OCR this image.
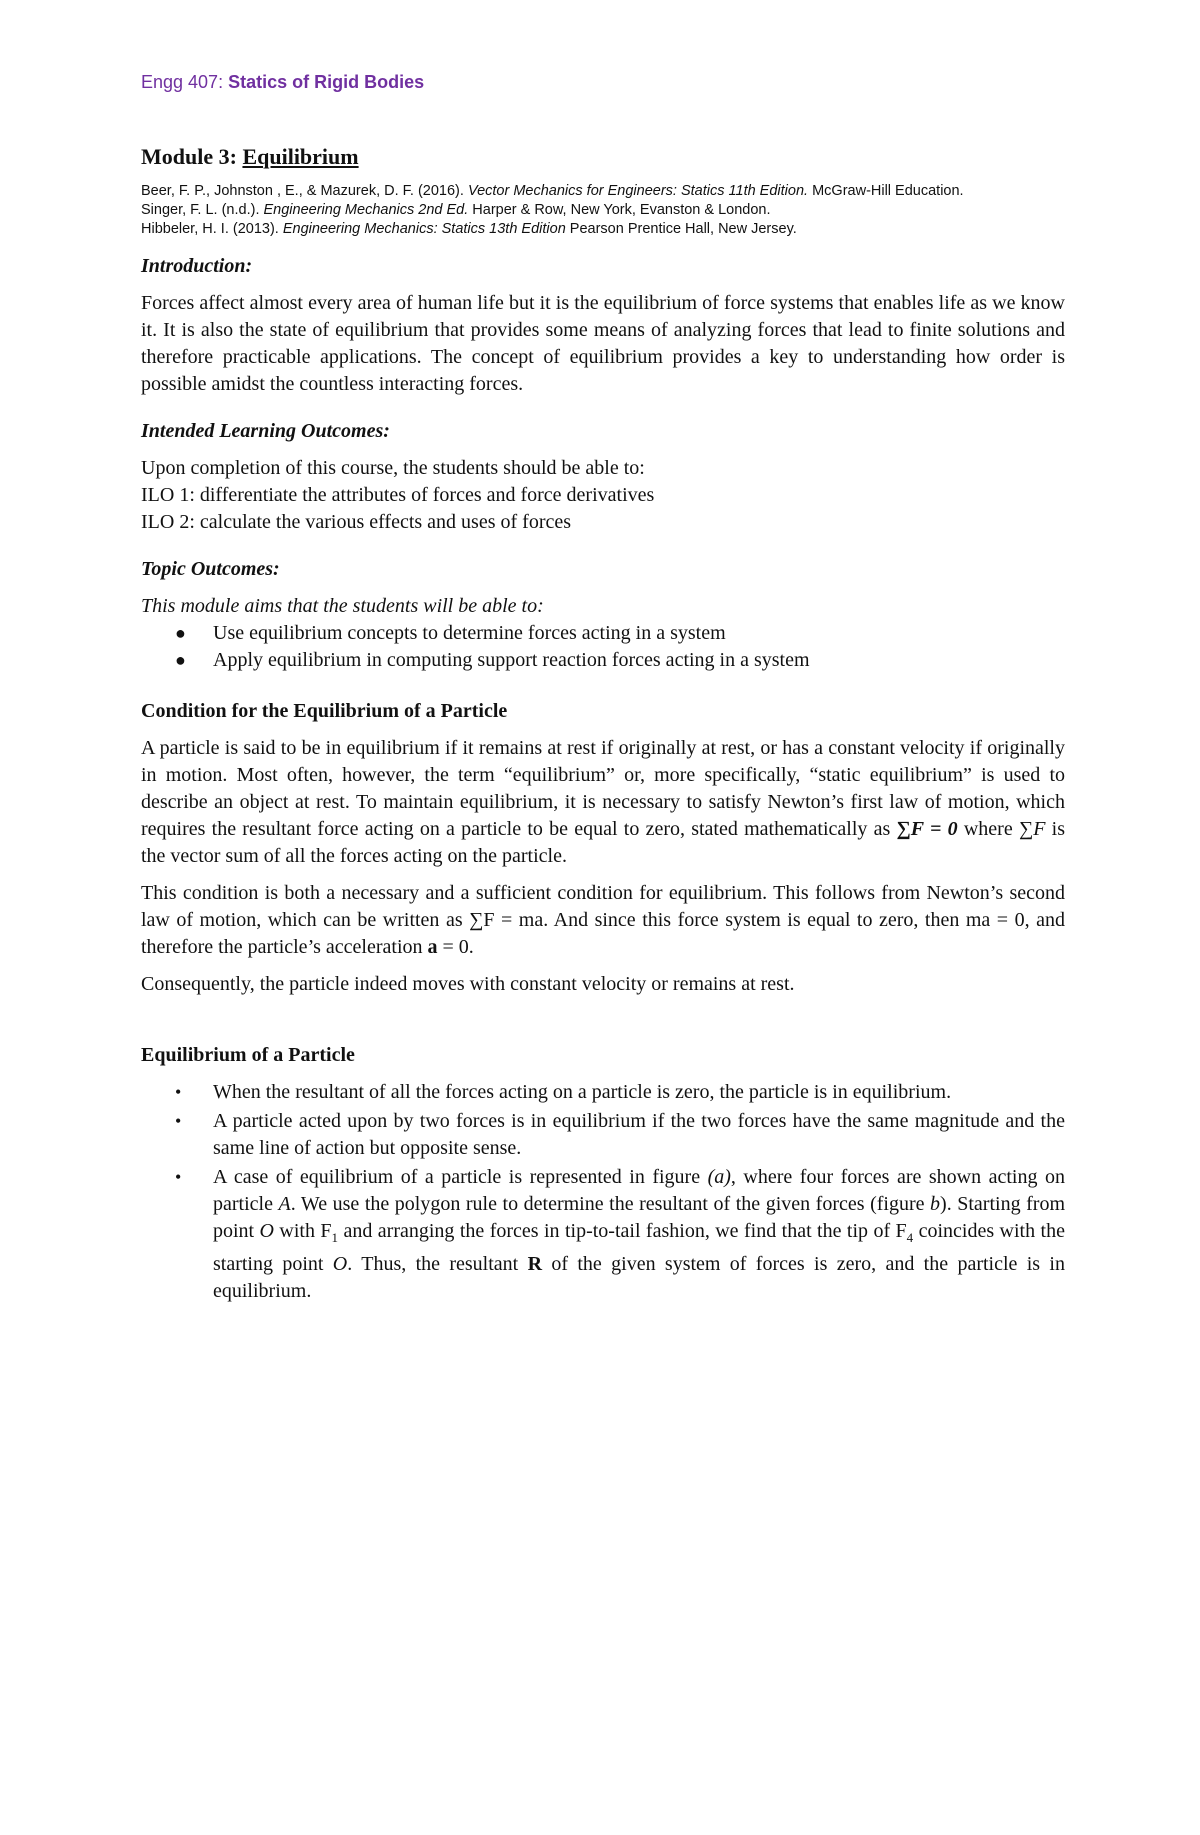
Engg 407: Statics of Rigid Bodies
Module 3: Equilibrium

Beer, F. P., Johnston , E., & Mazurek, D. F. (2016). Vector Mechanics for Engineers: Statics 11th Edition. McGraw-Hill Education.

Singer, F. L. (n.d.). Engineering Mechanics 2nd Ed. Harper & Row, New York, Evanston & London.

Hibbeler, H. I. (2013). Engineering Mechanics: Statics 13th Edition Pearson Prentice Hall, New Jersey.

Introduction:

Forces affect almost every area of human life but it is the equilibrium of force systems that enables life as we know it. It is also the state of equilibrium that provides some means of analyzing forces that lead to finite solutions and therefore practicable applications. The concept of equilibrium provides a key to understanding how order is possible amidst the countless interacting forces.

Intended Learning Outcomes:

Upon completion of this course, the students should be able to:

ILO 1: differentiate the attributes of forces and force derivatives

ILO 2: calculate the various effects and uses of forces

Topic Outcomes:

This module aims that the students will be able to:

● Use equilibrium concepts to determine forces acting in a system
● Apply equilibrium in computing support reaction forces acting in a system
Condition for the Equilibrium of a Particle

A particle is said to be in equilibrium if it remains at rest if originally at rest, or has a constant velocity if originally in motion. Most often, however, the term “equilibrium” or, more specifically, “static equilibrium” is used to describe an object at rest. To maintain equilibrium, it is necessary to satisfy Newton’s first law of motion, which requires the resultant force acting on a particle to be equal to zero, stated mathematically as ∑F = 0 where ∑F is the vector sum of all the forces acting on the particle.

This condition is both a necessary and a sufficient condition for equilibrium. This follows from Newton’s second law of motion, which can be written as ∑F = ma. And since this force system is equal to zero, then ma = 0, and therefore the particle’s acceleration a = 0.

Consequently, the particle indeed moves with constant velocity or remains at rest.

Equilibrium of a Particle
• When the resultant of all the forces acting on a particle is zero, the particle is in equilibrium.
• A particle acted upon by two forces is in equilibrium if the two forces have the same magnitude and the same line of action but opposite sense.
• A case of equilibrium of a particle is represented in figure (a), where four forces are shown acting on particle A. We use the polygon rule to determine the resultant of the given forces (figure b). Starting from point O with $F_1$ and arranging the forces in tip-to-tail fashion, we find that the tip of $F_4$ coincides with the starting point O. Thus, the resultant R of the given system of forces is zero, and the particle is in equilibrium.
